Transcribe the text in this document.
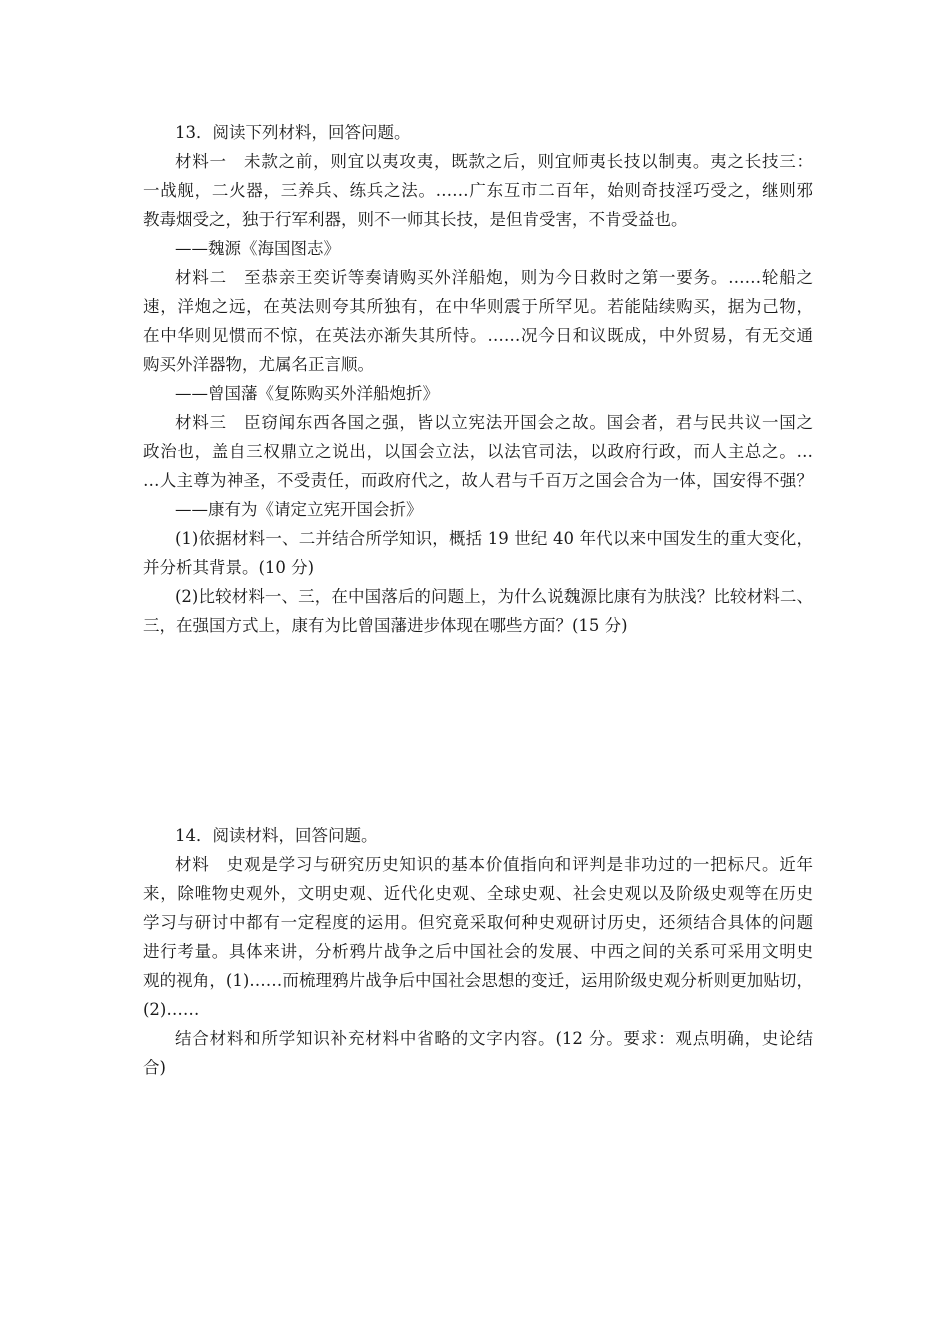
13．阅读下列材料，回答问题。
材料一　未款之前，则宜以夷攻夷，既款之后，则宜师夷长技以制夷。夷之长技三：
一战舰，二火器，三养兵、练兵之法。……广东互市二百年，始则奇技淫巧受之，继则邪
教毒烟受之，独于行军利器，则不一师其长技，是但肯受害，不肯受益也。
——魏源《海国图志》
材料二　至恭亲王奕䜣等奏请购买外洋船炮，则为今日救时之第一要务。……轮船之
速，洋炮之远，在英法则夸其所独有，在中华则震于所罕见。若能陆续购买，据为己物，
在中华则见惯而不惊，在英法亦渐失其所恃。……况今日和议既成，中外贸易，有无交通
购买外洋器物，尤属名正言顺。
——曾国藩《复陈购买外洋船炮折》
材料三　臣窃闻东西各国之强，皆以立宪法开国会之故。国会者，君与民共议一国之
政治也，盖自三权鼎立之说出，以国会立法，以法官司法，以政府行政，而人主总之。…
…人主尊为神圣，不受责任，而政府代之，故人君与千百万之国会合为一体，国安得不强？
——康有为《请定立宪开国会折》
(1)依据材料一、二并结合所学知识，概括 19 世纪 40 年代以来中国发生的重大变化，
并分析其背景。(10 分)
(2)比较材料一、三，在中国落后的问题上，为什么说魏源比康有为肤浅？比较材料二、
三，在强国方式上，康有为比曾国藩进步体现在哪些方面？(15 分)
14．阅读材料，回答问题。
材料　史观是学习与研究历史知识的基本价值指向和评判是非功过的一把标尺。近年
来，除唯物史观外，文明史观、近代化史观、全球史观、社会史观以及阶级史观等在历史
学习与研讨中都有一定程度的运用。但究竟采取何种史观研讨历史，还须结合具体的问题
进行考量。具体来讲，分析鸦片战争之后中国社会的发展、中西之间的关系可采用文明史
观的视角，(1)……而梳理鸦片战争后中国社会思想的变迁，运用阶级史观分析则更加贴切，
(2)……
结合材料和所学知识补充材料中省略的文字内容。(12 分。要求：观点明确，史论结
合)
